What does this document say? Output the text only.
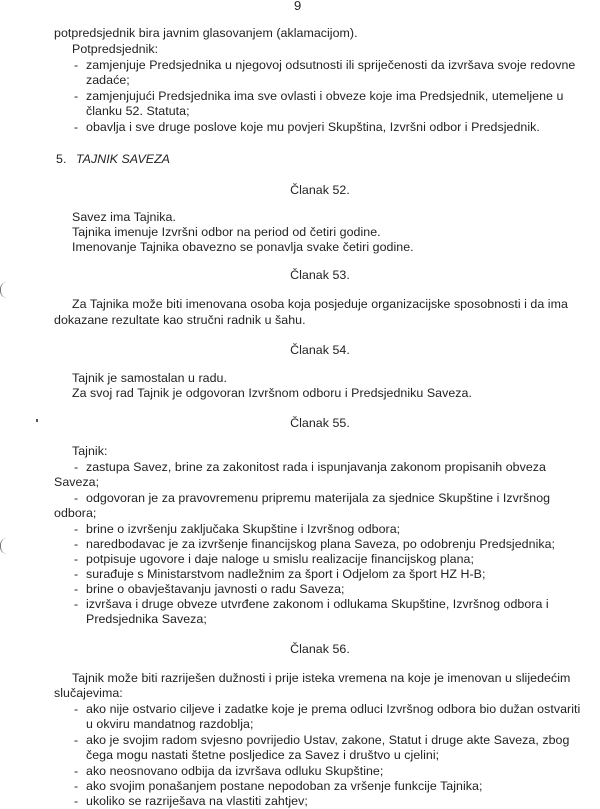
9
potpredsjednik bira javnim glasovanjem (aklamacijom).
Potpredsjednik:
- zamjenjuje Predsjednika u njegovoj odsutnosti ili spriječenosti da izvršava svoje redovne
zadaće;
- zamjenjujući Predsjednika ima sve ovlasti i obveze koje ima Predsjednik, utemeljene u
članku 52. Statuta;
- obavlja i sve druge poslove koje mu povjeri Skupština, Izvršni odbor i Predsjednik.
5. TAJNIK SAVEZA
Članak 52.
Savez ima Tajnika.
Tajnika imenuje Izvršni odbor na period od četiri godine.
Imenovanje Tajnika obavezno se ponavlja svake četiri godine.
Članak 53.
Za Tajnika može biti imenovana osoba koja posjeduje organizacijske sposobnosti i da ima
dokazane rezultate kao stručni radnik u šahu.
Članak 54.
Tajnik je samostalan u radu.
Za svoj rad Tajnik je odgovoran Izvršnom odboru i Predsjedniku Saveza.
Članak 55.
Tajnik:
- zastupa Savez, brine za zakonitost rada i ispunjavanja zakonom propisanih obveza
Saveza;
- odgovoran je za pravovremenu pripremu materijala za sjednice Skupštine i Izvršnog
odbora;
- brine o izvršenju zaključaka Skupštine i Izvršnog odbora;
- naredbodavac je za izvršenje financijskog plana Saveza, po odobrenju Predsjednika;
- potpisuje ugovore i daje naloge u smislu realizacije financijskog plana;
- surađuje s Ministarstvom nadležnim za šport i Odjelom za šport HZ H-B;
- brine o obavještavanju javnosti o radu Saveza;
- izvršava i druge obveze utvrđene zakonom i odlukama Skupštine, Izvršnog odbora i
Predsjednika Saveza;
Članak 56.
Tajnik može biti razriješen dužnosti i prije isteka vremena na koje je imenovan u slijedećim
slučajevima:
- ako nije ostvario ciljeve i zadatke koje je prema odluci Izvršnog odbora bio dužan ostvariti
u okviru mandatnog razdoblja;
- ako je svojim radom svjesno povrijedio Ustav, zakone, Statut i druge akte Saveza, zbog
čega mogu nastati štetne posljedice za Savez i društvo u cjelini;
- ako neosnovano odbija da izvršava odluku Skupštine;
- ako svojim ponašanjem postane nepodoban za vršenje funkcije Tajnika;
- ukoliko se razriješava na vlastiti zahtjev;
